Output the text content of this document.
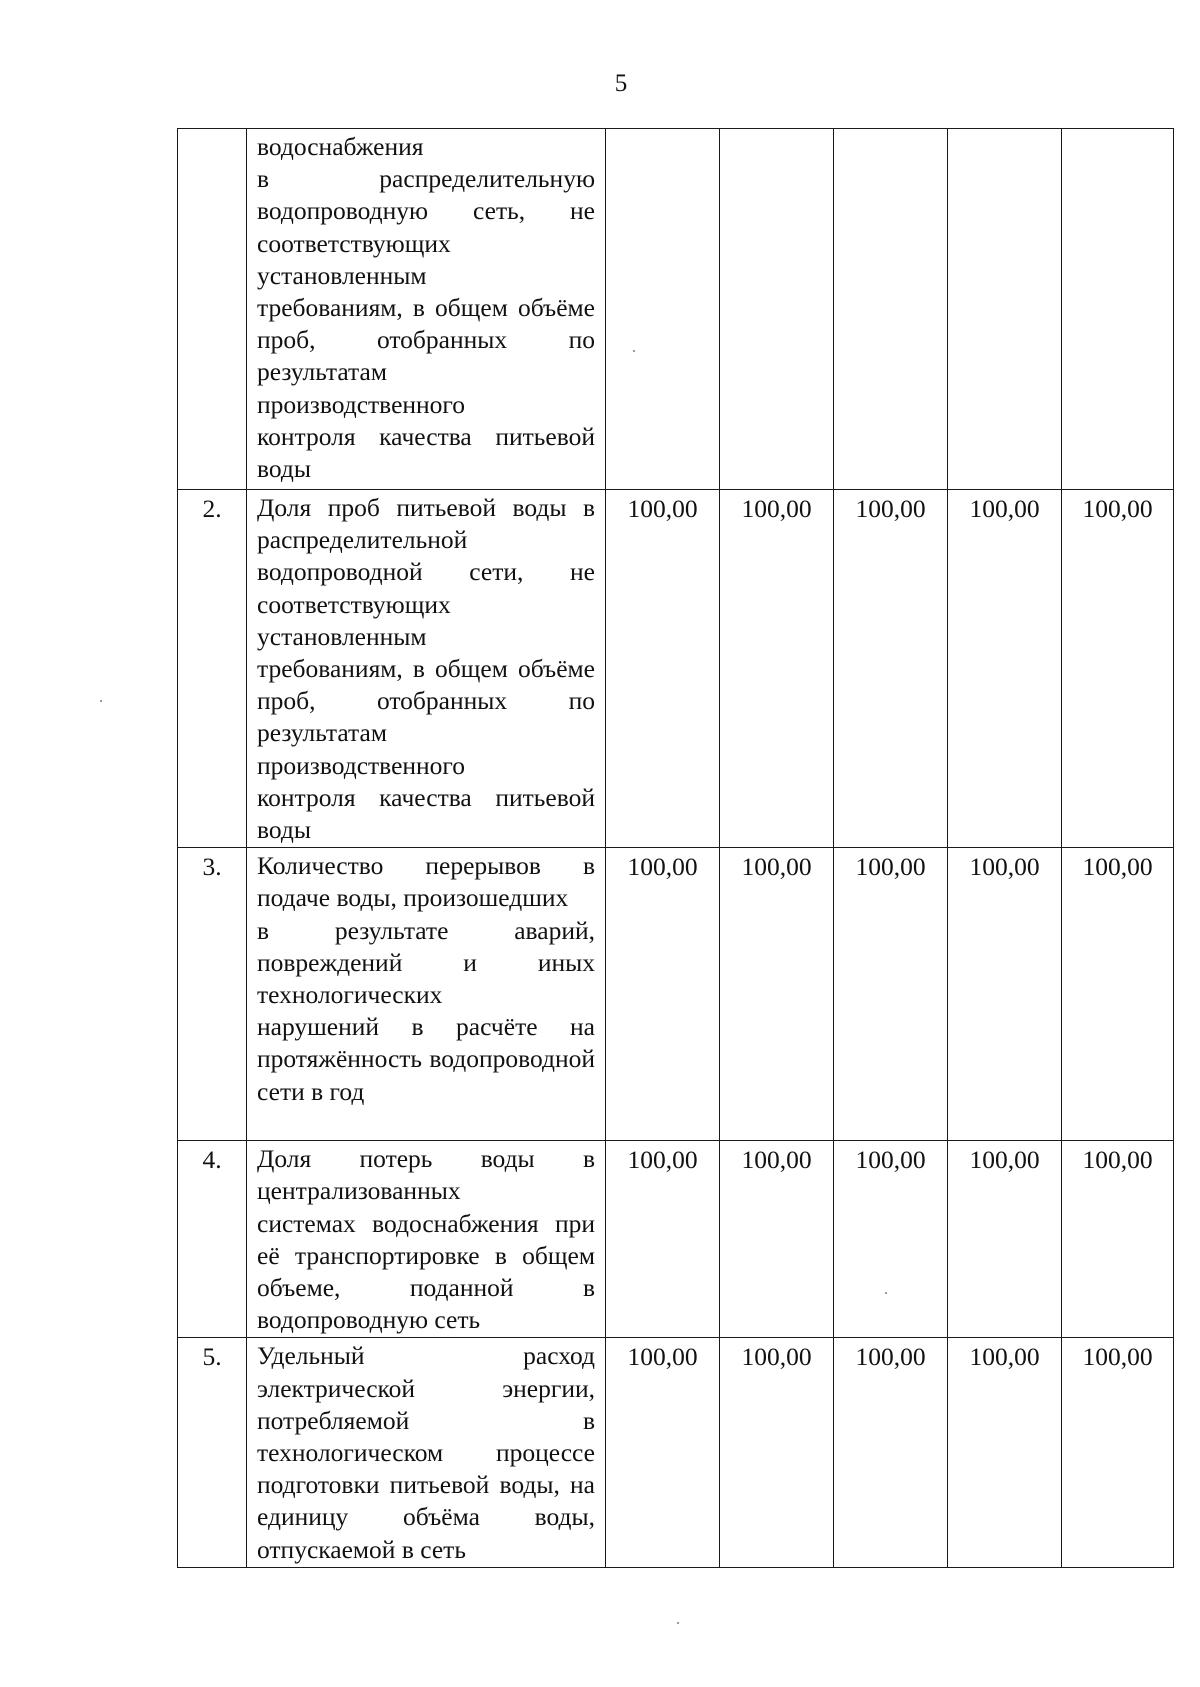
5

	водоснабжения
в распределительную водопроводную сеть, не соответствующих установленным
требованиям, в общем объёме проб, отобранных по результатам производственного
контроля качества питьевой воды					

2.	Доля проб питьевой воды в распределительной водопроводной сети, не соответствующих установленным
требованиям, в общем объёме проб, отобранных по результатам производственного
контроля качества питьевой воды	100,00	100,00	100,00	100,00	100,00
3.	Количество перерывов в подаче воды, произошедших
в результате аварий, повреждений и иных технологических
нарушений в расчёте на протяжённость водопроводной сети в год	100,00	100,00	100,00	100,00	100,00
4.	Доля потерь воды в централизованных
системах водоснабжения при её транспортировке в общем объеме, поданной в водопроводную сеть	100,00	100,00	100,00	100,00	100,00
5.	Удельный расход электрической энергии, потребляемой в технологическом процессе подготовки питьевой воды, на единицу объёма воды, отпускаемой в сеть	100,00	100,00	100,00	100,00	100,00
